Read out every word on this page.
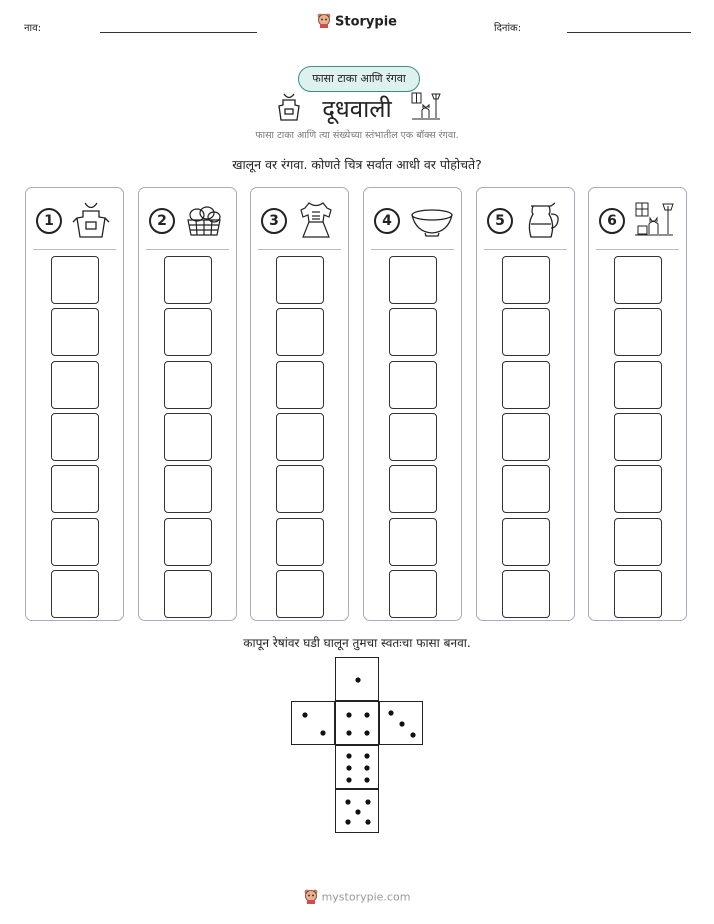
नाव:	Storypie	दिनांक:
फासा टाका आणि रंगवा
दूधवाली
फासा टाका आणि त्या संख्येच्या स्तंभातील एक बॉक्स रंगवा.
खालून वर रंगवा. कोणते चित्र सर्वात आधी वर पोहोचते?
1	2	3	4	5	6
कापून रेषांवर घडी घालून तुमचा स्वतःचा फासा बनवा.
mystorypie.com
